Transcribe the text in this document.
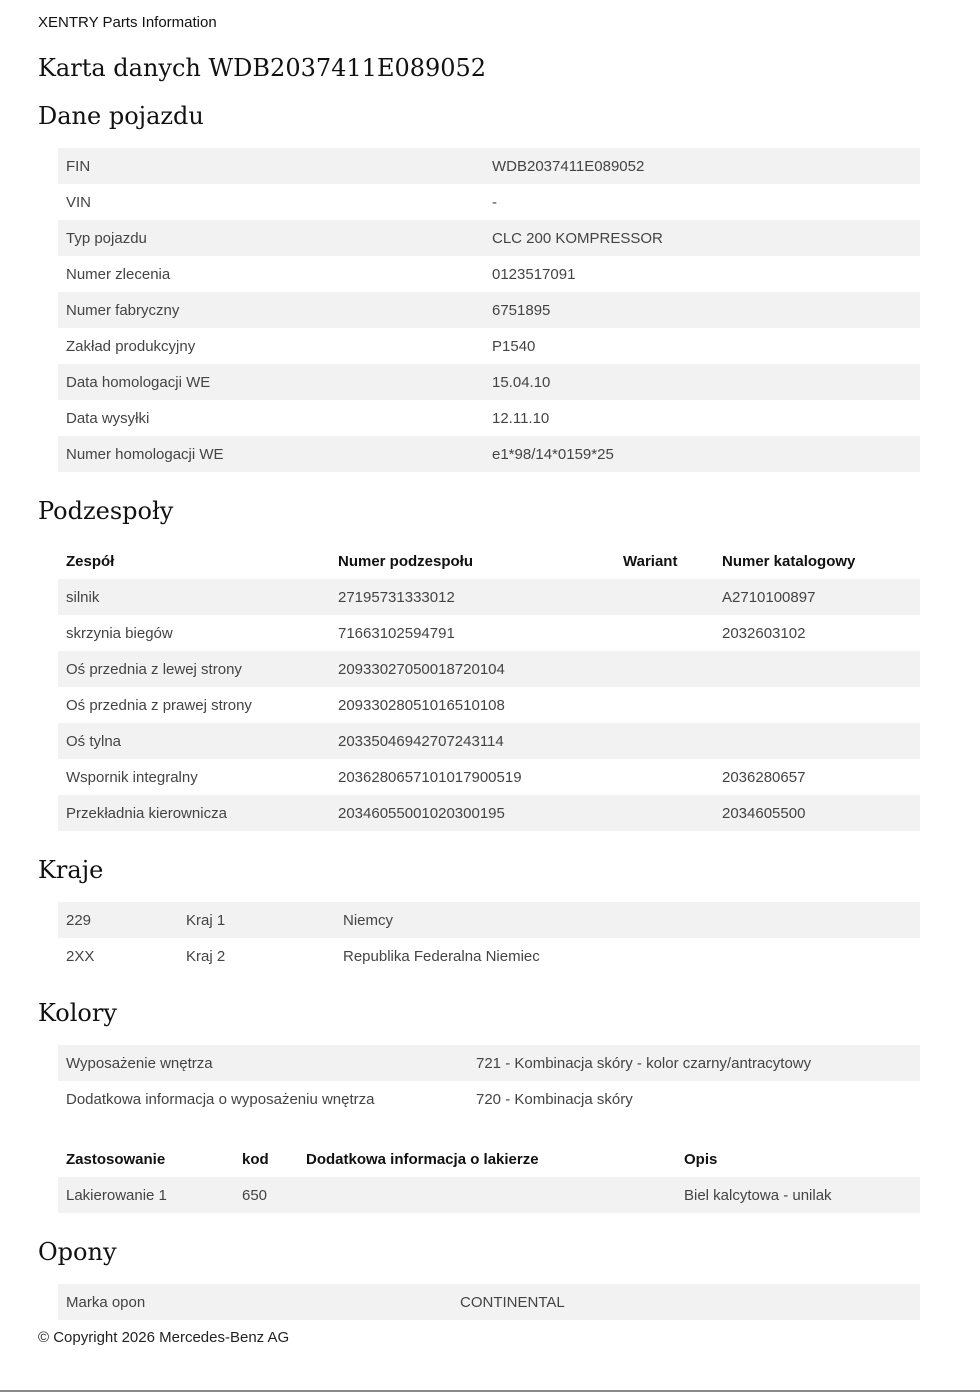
XENTRY Parts Information
Karta danych WDB2037411E089052
Dane pojazdu
FIN	WDB2037411E089052
VIN	-
Typ pojazdu	CLC 200 KOMPRESSOR
Numer zlecenia	0123517091
Numer fabryczny	6751895
Zakład produkcyjny	P1540
Data homologacji WE	15.04.10
Data wysyłki	12.11.10
Numer homologacji WE	e1*98/14*0159*25
Podzespoły
Zespół	Numer podzespołu	Wariant	Numer katalogowy
silnik	27195731333012		A2710100897
skrzynia biegów	71663102594791		2032603102
Oś przednia z lewej strony	20933027050018720104		
Oś przednia z prawej strony	20933028051016510108		
Oś tylna	20335046942707243114		
Wspornik integralny	20362806571010179005​19		2036280657
Przekładnia kierownicza	20346055001020300195		2034605500
Kraje
229	Kraj 1	Niemcy
2XX	Kraj 2	Republika Federalna Niemiec
Kolory
Wyposażenie wnętrza	721 - Kombinacja skóry - kolor czarny/antracytowy
Dodatkowa informacja o wyposażeniu wnętrza	720 - Kombinacja skóry
Zastosowanie	kod	Dodatkowa informacja o lakierze	Opis
Lakierowanie 1	650		Biel kalcytowa - unilak
Opony
Marka opon	CONTINENTAL
© Copyright 2026 Mercedes-Benz AG
